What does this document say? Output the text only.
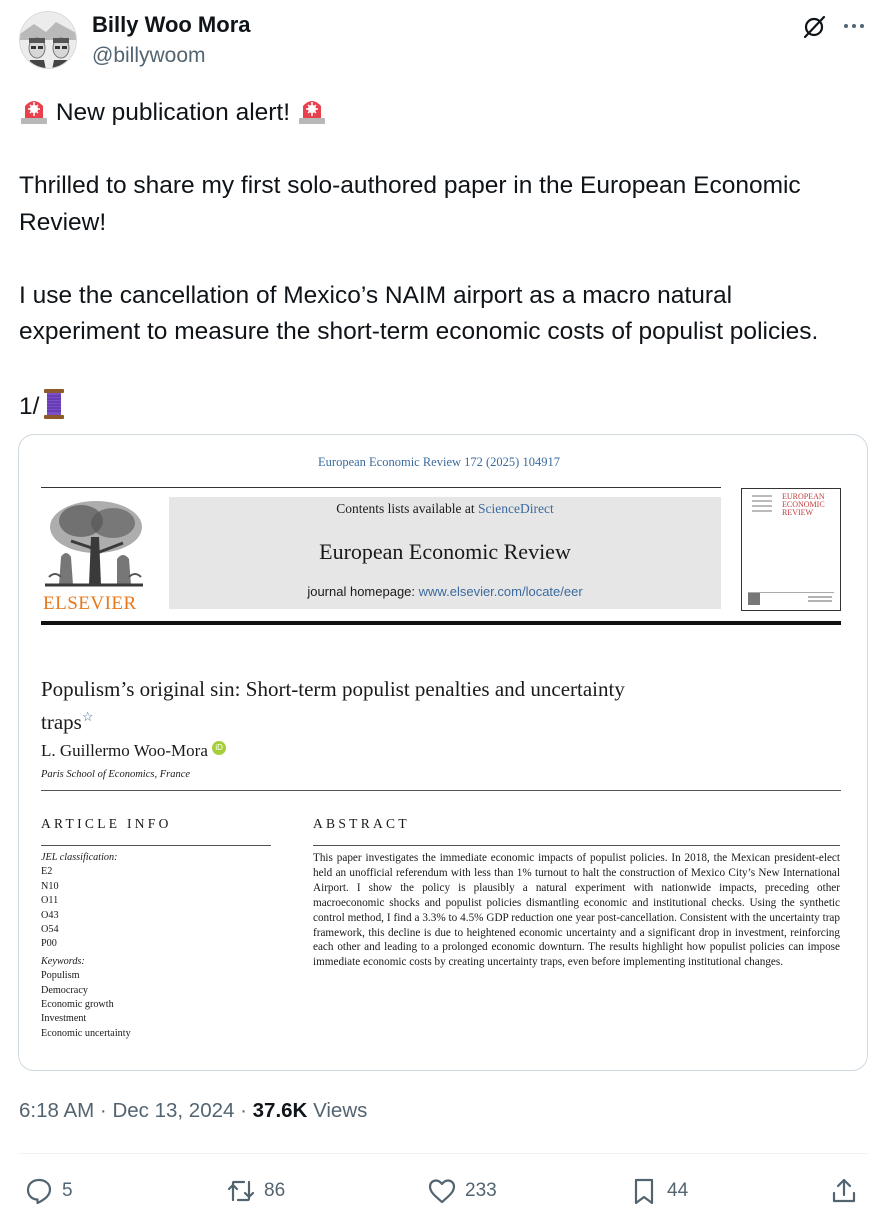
Billy Woo Mora
@billywoom

New publication alert!

Thrilled to share my first solo-authored paper in the European Economic Review!

I use the cancellation of Mexico’s NAIM airport as a macro natural experiment to measure the short-term economic costs of populist policies.

1/

European Economic Review 172 (2025) 104917
ELSEVIER
Contents lists available at ScienceDirect
European Economic Review
journal homepage: www.elsevier.com/locate/eer
EUROPEAN ECONOMIC REVIEW
Populism’s original sin: Short-term populist penalties and uncertainty traps☆
L. Guillermo Woo-Mora iD
Paris School of Economics, France
ARTICLE INFO	ABSTRACT
JEL classification:
E2
N10
O11
O43
O54
P00
Keywords:
Populism
Democracy
Economic growth
Investment
Economic uncertainty
This paper investigates the immediate economic impacts of populist policies. In 2018, the Mexican president-elect held an unofficial referendum with less than 1% turnout to halt the construction of Mexico City’s New International Airport. I show the policy is plausibly a natural experiment with nationwide impacts, preceding other macroeconomic shocks and populist policies dismantling economic and institutional checks. Using the synthetic control method, I find a 3.3% to 4.5% GDP reduction one year post-cancellation. Consistent with the uncertainty trap framework, this decline is due to heightened economic uncertainty and a significant drop in investment, reinforcing each other and leading to a prolonged economic downturn. The results highlight how populist policies can impose immediate economic costs by creating uncertainty traps, even before implementing institutional changes.
6:18 AM · Dec 13, 2024 · 37.6K Views
5	86	233	44
